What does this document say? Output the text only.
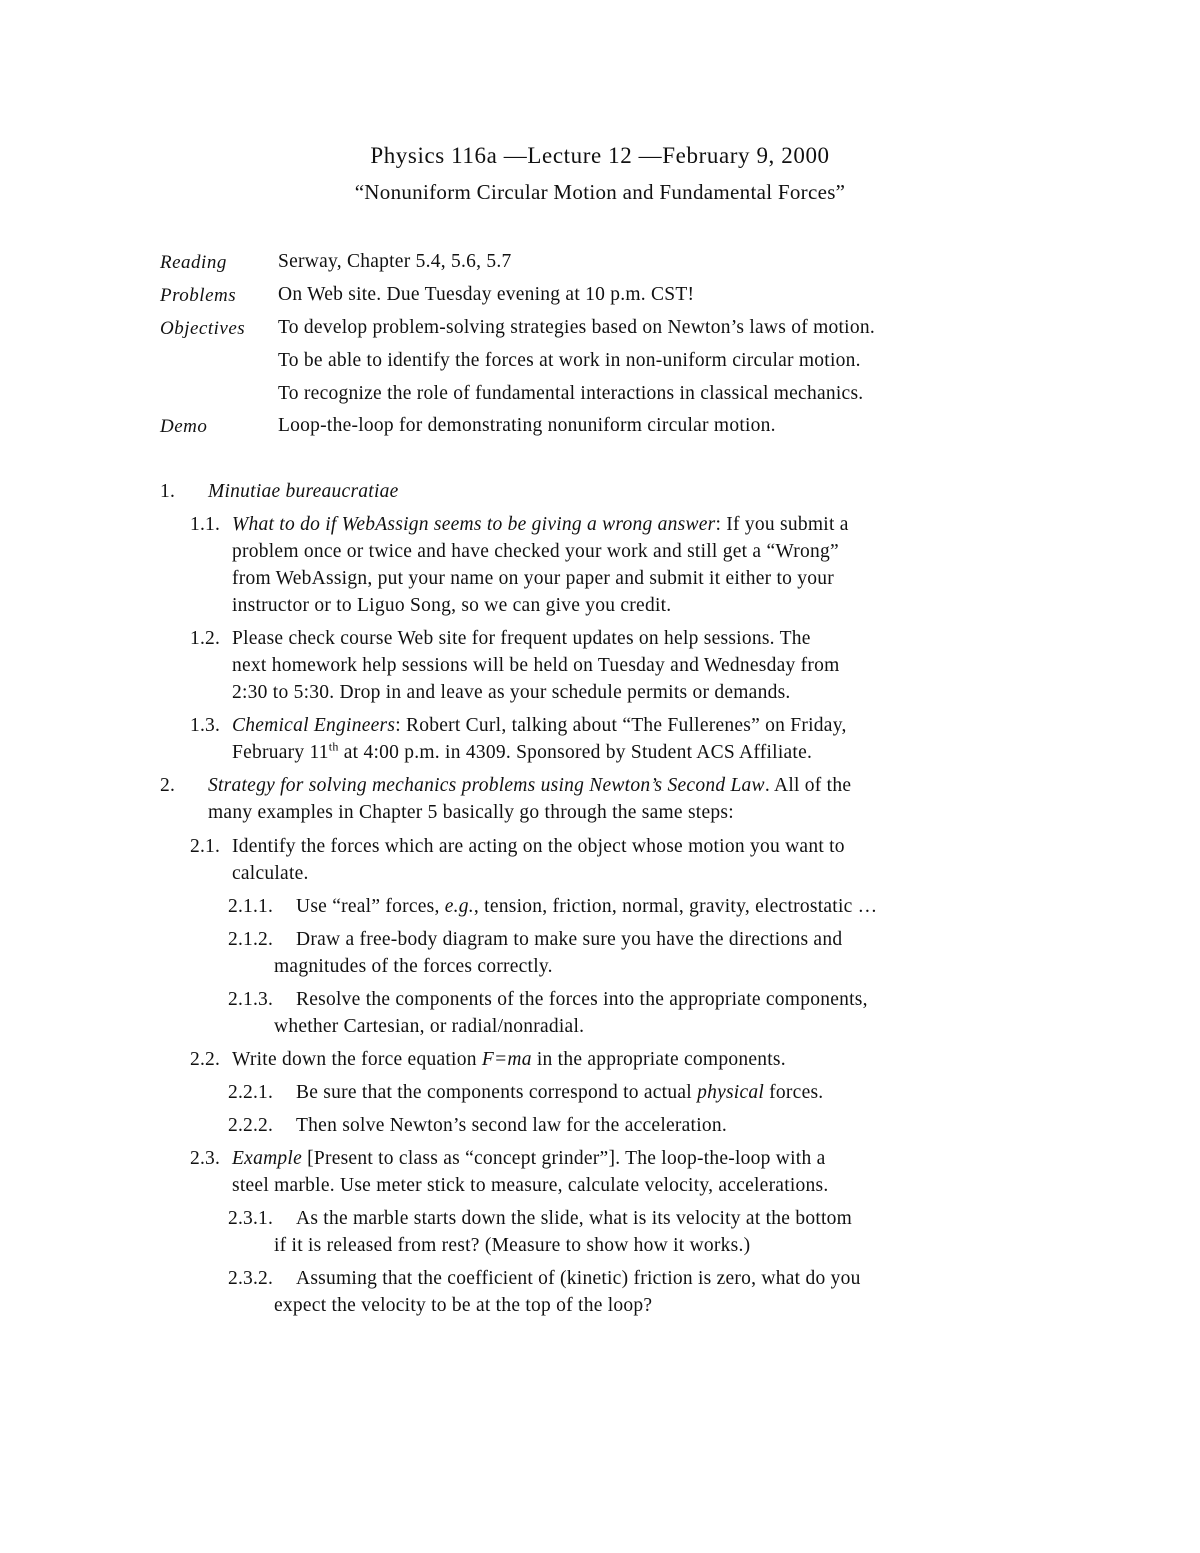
Physics 116a —Lecture 12 —February 9, 2000
“Nonuniform Circular Motion and Fundamental Forces”
Reading	Serway, Chapter 5.4, 5.6, 5.7
Problems On Web site. Due Tuesday evening at 10 p.m. CST!
Objectives To develop problem-solving strategies based on Newton’s laws of motion.
To be able to identify the forces at work in non-uniform circular motion.
To recognize the role of fundamental interactions in classical mechanics.
Demo	Loop-the-loop for demonstrating nonuniform circular motion.
1. Minutiae bureaucratiae
1.1. What to do if WebAssign seems to be giving a wrong answer: If you submit a
problem once or twice and have checked your work and still get a “Wrong”
from WebAssign, put your name on your paper and submit it either to your
instructor or to Liguo Song, so we can give you credit.
1.2. Please check course Web site for frequent updates on help sessions. The
next homework help sessions will be held on Tuesday and Wednesday from
2:30 to 5:30. Drop in and leave as your schedule permits or demands.
1.3. Chemical Engineers: Robert Curl, talking about “The Fullerenes” on Friday,
February 11th at 4:00 p.m. in 4309. Sponsored by Student ACS Affiliate.
2. Strategy for solving mechanics problems using Newton’s Second Law. All of the
many examples in Chapter 5 basically go through the same steps:
2.1. Identify the forces which are acting on the object whose motion you want to
calculate.
2.1.1. Use “real” forces, e.g., tension, friction, normal, gravity, electrostatic …
2.1.2. Draw a free-body diagram to make sure you have the directions and
magnitudes of the forces correctly.
2.1.3. Resolve the components of the forces into the appropriate components,
whether Cartesian, or radial/nonradial.
2.2. Write down the force equation F=ma in the appropriate components.
2.2.1. Be sure that the components correspond to actual physical forces.
2.2.2. Then solve Newton’s second law for the acceleration.
2.3. Example [Present to class as “concept grinder”]. The loop-the-loop with a
steel marble. Use meter stick to measure, calculate velocity, accelerations.
2.3.1. As the marble starts down the slide, what is its velocity at the bottom
if it is released from rest? (Measure to show how it works.)
2.3.2. Assuming that the coefficient of (kinetic) friction is zero, what do you
expect the velocity to be at the top of the loop?
